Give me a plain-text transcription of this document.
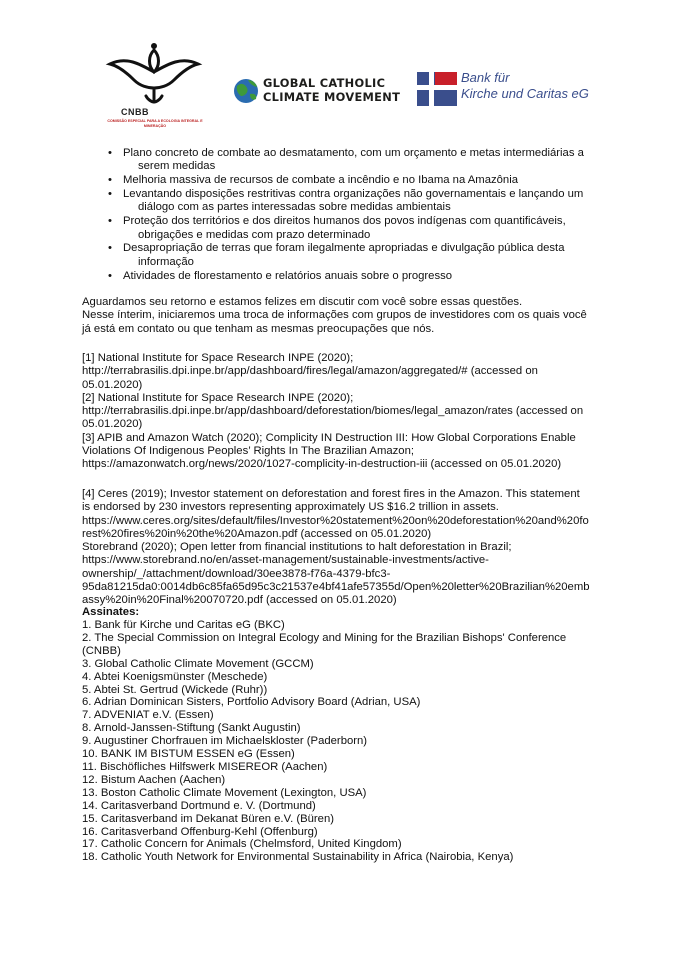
CNBB
COMISSÃO ESPECIAL PARA A ECOLOGIA INTEGRAL E MINERAÇÃO
GLOBAL CATHOLIC
CLIMATE MOVEMENT
Bank für
Kirche und Caritas eG
• Plano concreto de combate ao desmatamento, com um orçamento e metas intermediárias a
serem medidas
• Melhoria massiva de recursos de combate a incêndio e no Ibama na Amazônia
• Levantando disposições restritivas contra organizações não governamentais e lançando um
diálogo com as partes interessadas sobre medidas ambientais
• Proteção dos territórios e dos direitos humanos dos povos indígenas com quantificáveis,
obrigações e medidas com prazo determinado
• Desapropriação de terras que foram ilegalmente apropriadas e divulgação pública desta
informação
• Atividades de florestamento e relatórios anuais sobre o progresso
Aguardamos seu retorno e estamos felizes em discutir com você sobre essas questões.
Nesse ínterim, iniciaremos uma troca de informações com grupos de investidores com os quais você
já está em contato ou que tenham as mesmas preocupações que nós.
[1] National Institute for Space Research INPE (2020);
http://terrabrasilis.dpi.inpe.br/app/dashboard/fires/legal/amazon/aggregated/# (accessed on
05.01.2020)
[2] National Institute for Space Research INPE (2020);
http://terrabrasilis.dpi.inpe.br/app/dashboard/deforestation/biomes/legal_amazon/rates (accessed on
05.01.2020)
[3] APIB and Amazon Watch (2020); Complicity IN Destruction III: How Global Corporations Enable
Violations Of Indigenous Peoples’ Rights In The Brazilian Amazon;
https://amazonwatch.org/news/2020/1027-complicity-in-destruction-iii (accessed on 05.01.2020)
[4] Ceres (2019); Investor statement on deforestation and forest fires in the Amazon. This statement
is endorsed by 230 investors representing approximately US $16.2 trillion in assets.
https://www.ceres.org/sites/default/files/Investor%20statement%20on%20deforestation%20and%20fo
rest%20fires%20in%20the%20Amazon.pdf (accessed on 05.01.2020)
Storebrand (2020); Open letter from financial institutions to halt deforestation in Brazil;
https://www.storebrand.no/en/asset-management/sustainable-investments/active-
ownership/_/attachment/download/30ee3878-f76a-4379-bfc3-
95da81215da0:0014db6c85fa65d95c3c21537e4bf41afe57355d/Open%20letter%20Brazilian%20emb
assy%20in%20Final%20070720.pdf (accessed on 05.01.2020)
Assinates:
1. Bank für Kirche und Caritas eG (BKC)
2. The Special Commission on Integral Ecology and Mining for the Brazilian Bishops' Conference
(CNBB)
3. Global Catholic Climate Movement (GCCM)
4. Abtei Koenigsmünster (Meschede)
5. Abtei St. Gertrud (Wickede (Ruhr))
6. Adrian Dominican Sisters, Portfolio Advisory Board (Adrian, USA)
7. ADVENIAT e.V. (Essen)
8. Arnold-Janssen-Stiftung (Sankt Augustin)
9. Augustiner Chorfrauen im Michaelskloster (Paderborn)
10. BANK IM BISTUM ESSEN eG (Essen)
11. Bischöfliches Hilfswerk MISEREOR (Aachen)
12. Bistum Aachen (Aachen)
13. Boston Catholic Climate Movement (Lexington, USA)
14. Caritasverband Dortmund e. V. (Dortmund)
15. Caritasverband im Dekanat Büren e.V. (Büren)
16. Caritasverband Offenburg-Kehl (Offenburg)
17. Catholic Concern for Animals (Chelmsford, United Kingdom)
18. Catholic Youth Network for Environmental Sustainability in Africa (Nairobia, Kenya)
